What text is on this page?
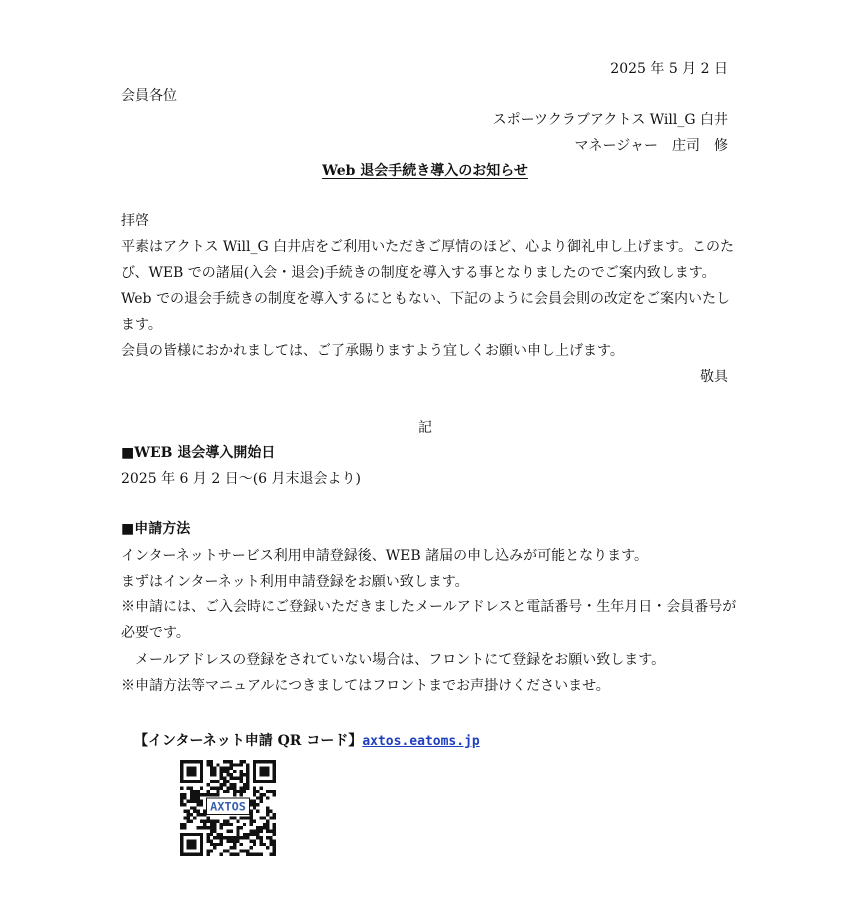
2025 年 5 月 2 日
会員各位
スポーツクラブアクトス Will_G 白井
マネージャー　庄司　修
Web 退会手続き導入のお知らせ
拝啓
平素はアクトス Will_G 白井店をご利用いただきご厚情のほど、心より御礼申し上げます。このた
び、WEB での諸届(入会・退会)手続きの制度を導入する事となりましたのでご案内致します。
Web での退会手続きの制度を導入するにともない、下記のように会員会則の改定をご案内いたし
ます。
会員の皆様におかれましては、ご了承賜りますよう宜しくお願い申し上げます。
敬具
記
■WEB 退会導入開始日
2025 年 6 月 2 日～(6 月末退会より)
■申請方法
インターネットサービス利用申請登録後、WEB 諸届の申し込みが可能となります。
まずはインターネット利用申請登録をお願い致します。
※申請には、ご入会時にご登録いただきましたメールアドレスと電話番号・生年月日・会員番号が
必要です。
　メールアドレスの登録をされていない場合は、フロントにて登録をお願い致します。
※申請方法等マニュアルにつきましてはフロントまでお声掛けくださいませ。
【インターネット申請 QR コード】axtos.eatoms.jp
AXTOS
